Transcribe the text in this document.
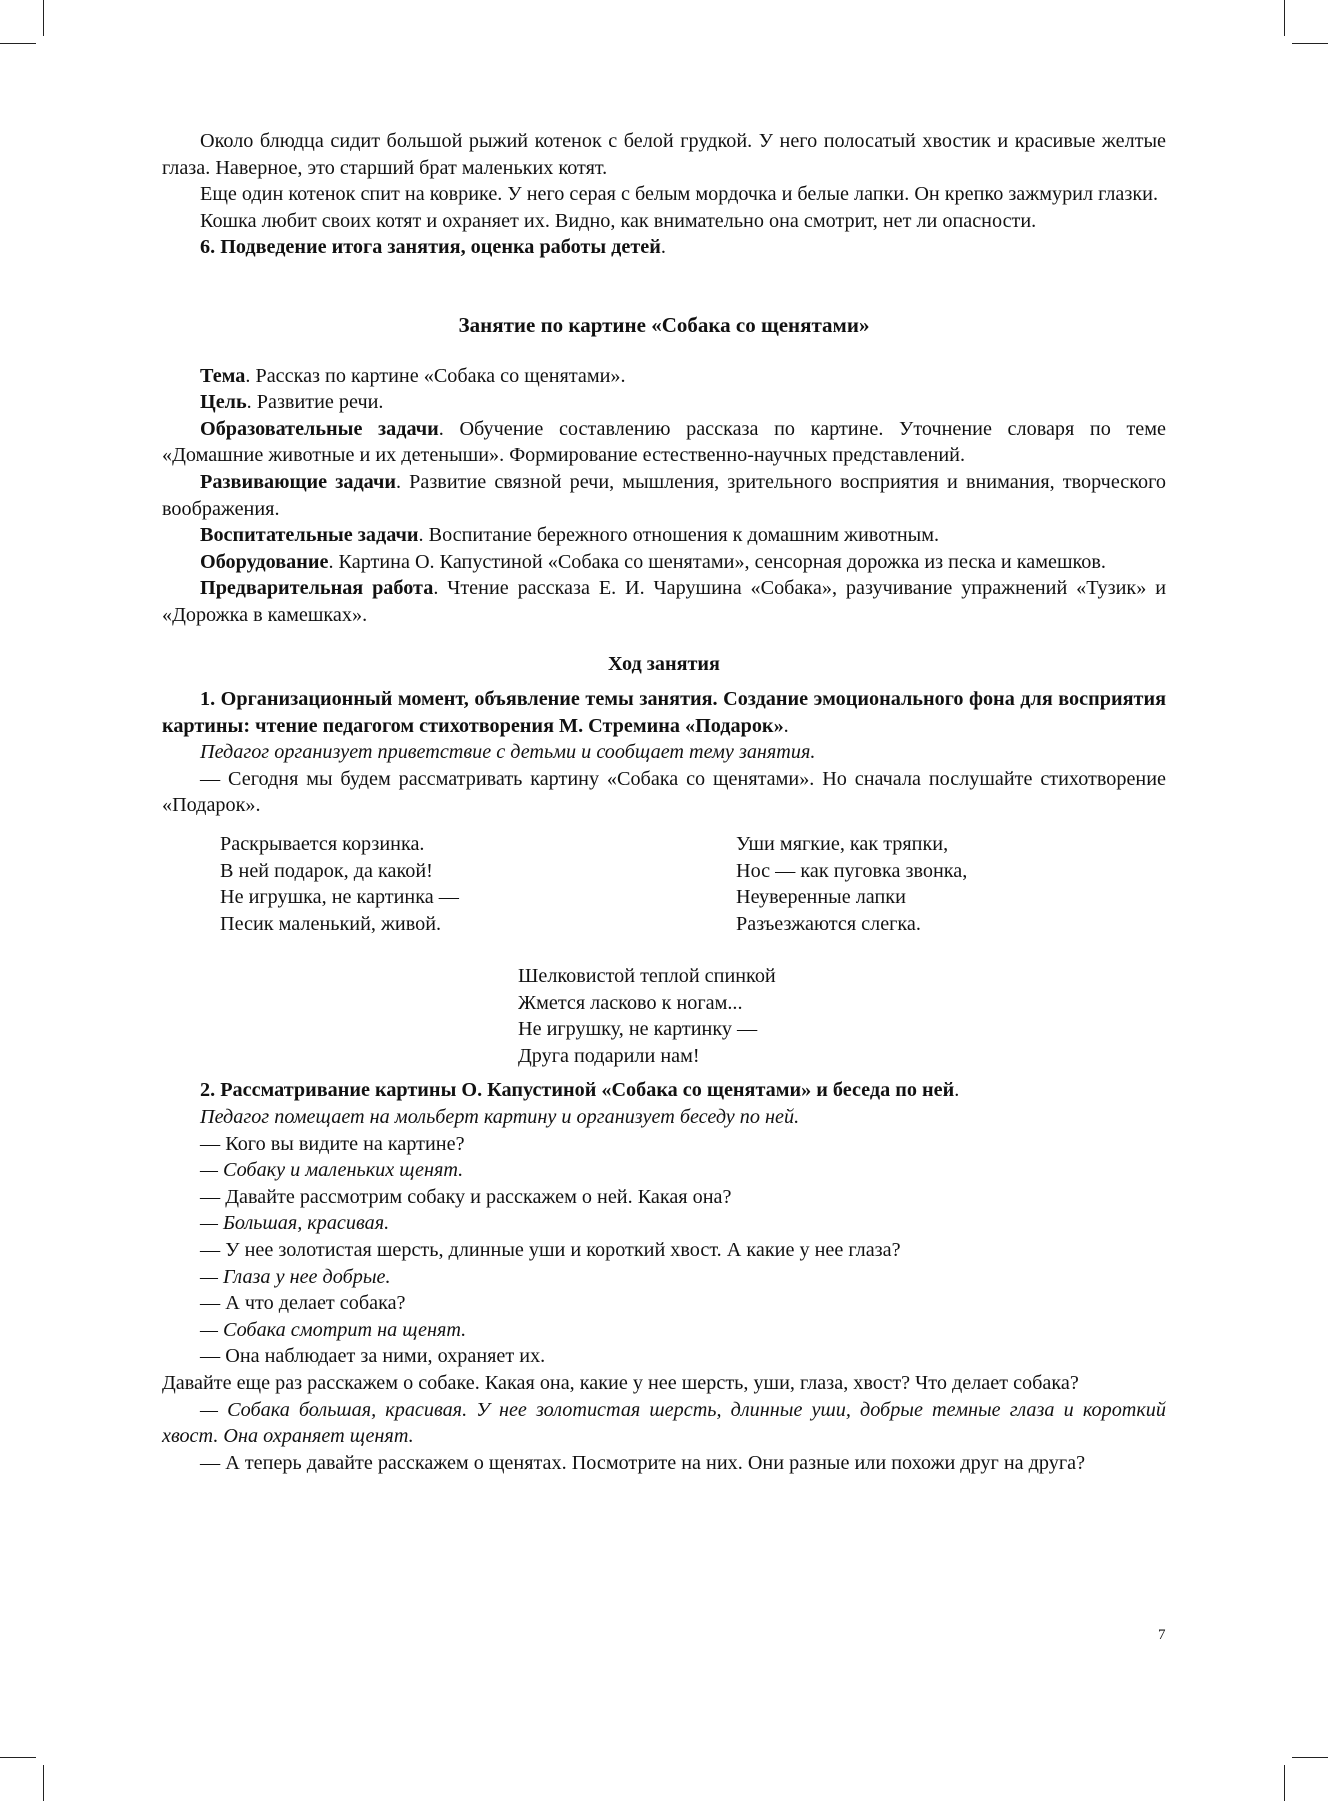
Около блюдца сидит большой рыжий котенок с белой грудкой. У него полосатый хвостик и красивые желтые глаза. Наверное, это старший брат маленьких котят.

Еще один котенок спит на коврике. У него серая с белым мордочка и белые лапки. Он крепко зажмурил глазки.

Кошка любит своих котят и охраняет их. Видно, как внимательно она смотрит, нет ли опасности.

6. Подведение итога занятия, оценка работы детей.

Занятие по картине «Собака со щенятами»

Тема. Рассказ по картине «Собака со щенятами».

Цель. Развитие речи.

Образовательные задачи. Обучение составлению рассказа по картине. Уточнение словаря по теме «Домашние животные и их детеныши». Формирование естественно-научных представлений.

Развивающие задачи. Развитие связной речи, мышления, зрительного восприятия и внимания, творческого воображения.

Воспитательные задачи. Воспитание бережного отношения к домашним животным.

Оборудование. Картина О. Капустиной «Собака со шенятами», сенсорная дорожка из песка и камешков.

Предварительная работа. Чтение рассказа Е. И. Чарушина «Собака», разучивание упражнений «Тузик» и «Дорожка в камешках».

Ход занятия

1. Организационный момент, объявление темы занятия. Создание эмоционального фона для восприятия картины: чтение педагогом стихотворения М. Стремина «Подарок».

Педагог организует приветствие с детьми и сообщает тему занятия.

— Сегодня мы будем рассматривать картину «Собака со щенятами». Но сначала послушайте стихотворение «Подарок».

Раскрывается корзинка.
В ней подарок, да какой!
Не игрушка, не картинка —
Песик маленький, живой.
Уши мягкие, как тряпки,
Нос — как пуговка звонка,
Неуверенные лапки
Разъезжаются слегка.
Шелковистой теплой спинкой
Жмется ласково к ногам...
Не игрушку, не картинку —
Друга подарили нам!

2. Рассматривание картины О. Капустиной «Собака со щенятами» и беседа по ней.

Педагог помещает на мольберт картину и организует беседу по ней.

— Кого вы видите на картине?

— Собаку и маленьких щенят.

— Давайте рассмотрим собаку и расскажем о ней. Какая она?

— Большая, красивая.

— У нее золотистая шерсть, длинные уши и короткий хвост. А какие у нее глаза?

— Глаза у нее добрые.

— А что делает собака?

— Собака смотрит на щенят.

— Она наблюдает за ними, охраняет их.

Давайте еще раз расскажем о собаке. Какая она, какие у нее шерсть, уши, глаза, хвост? Что делает собака?

— Собака большая, красивая. У нее золотистая шерсть, длинные уши, добрые темные глаза и короткий хвост. Она охраняет щенят.

— А теперь давайте расскажем о щенятах. Посмотрите на них. Они разные или похожи друг на друга?

7
